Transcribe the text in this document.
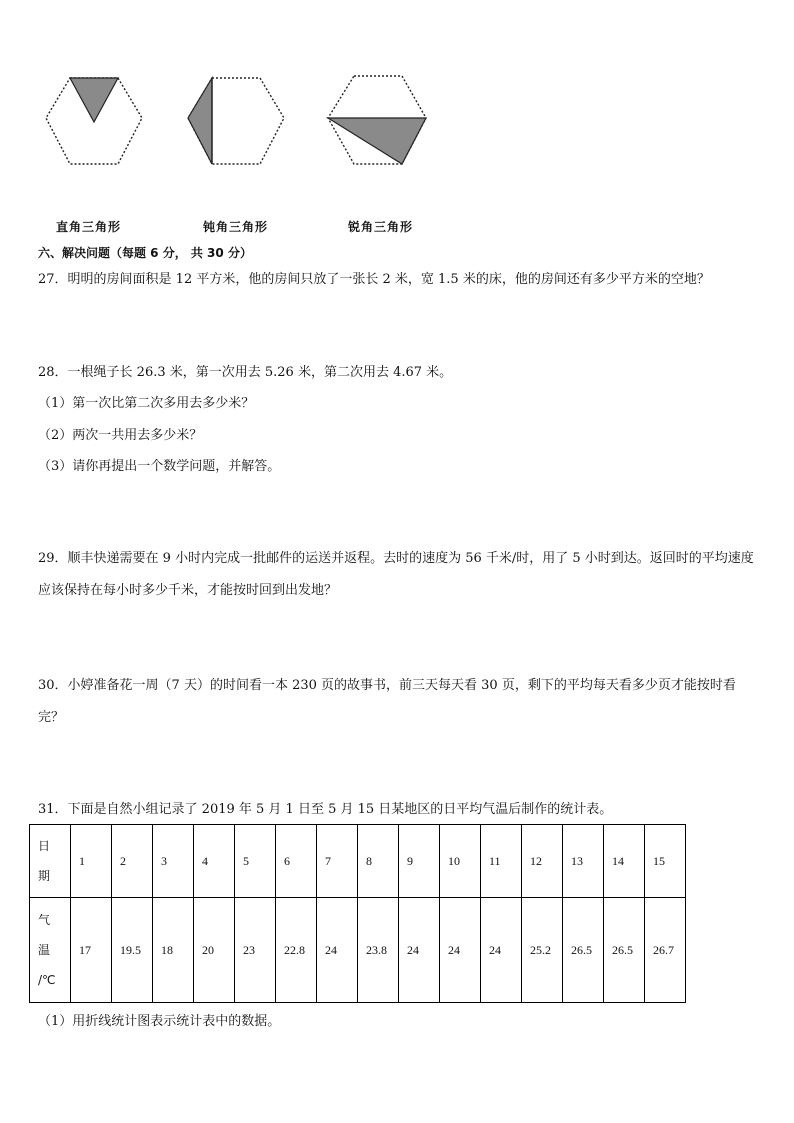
直角三角形	钝角三角形	锐角三角形
六、解决问题（每题 6 分， 共 30 分）
27．明明的房间面积是 12 平方米，他的房间只放了一张长 2 米，宽 1.5 米的床，他的房间还有多少平方米的空地？
28．一根绳子长 26.3 米，第一次用去 5.26 米，第二次用去 4.67 米。
（1）第一次比第二次多用去多少米？
（2）两次一共用去多少米？
（3）请你再提出一个数学问题，并解答。
29．顺丰快递需要在 9 小时内完成一批邮件的运送并返程。去时的速度为 56 千米/时，用了 5 小时到达。返回时的平均速度应该保持在每小时多少千米，才能按时回到出发地？
30．小婷准备花一周（7 天）的时间看一本 230 页的故事书，前三天每天看 30 页，剩下的平均每天看多少页才能按时看完？
31．下面是自然小组记录了 2019 年 5 月 1 日至 5 月 15 日某地区的日平均气温后制作的统计表。
日
期	1	2	3	4	5	6	7	8	9	10	11	12	13	14	15

气
温
/℃	17	19.5	18	20	23	22.8	24	23.8	24	24	24	25.2	26.5	26.5	26.7
（1）用折线统计图表示统计表中的数据。
